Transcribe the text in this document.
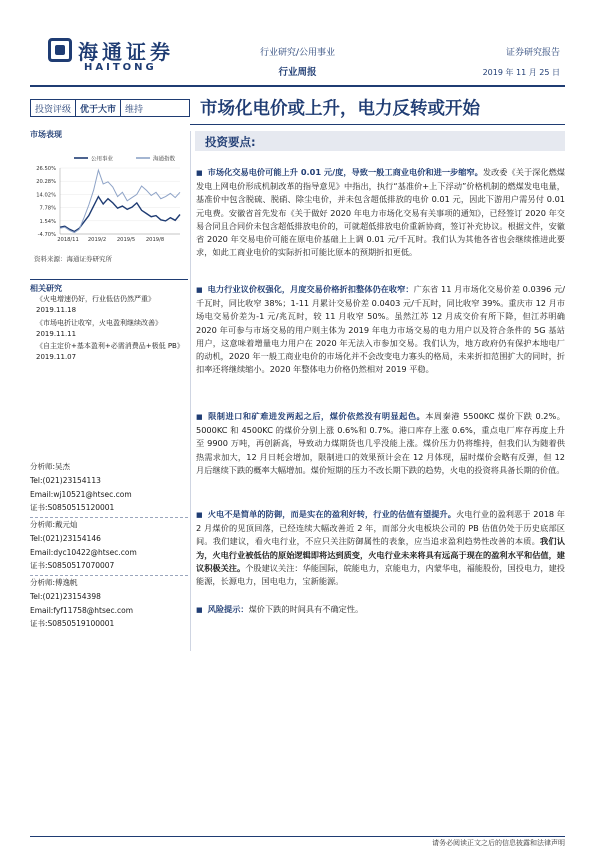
海通证券
HAITONG
行业研究/公用事业
行业周报
证券研究报告
2019 年 11 月 25 日
投资评级	优于大市	维持	市场化电价或上升，电力反转或开始
市场表现
公用事业	海通指数
26.50%
20.28%
14.02%
7.78%
1.54%
-4.70%
2018/11 2019/2 2019/5 2019/8
资料来源：海通证券研究所
相关研究
《火电增速仍好，行业低估仍然严重》
2019.11.18
《市场电折让收窄，火电盈利继续改善》
2019.11.11
《自主定价+基本盈利+必需消费品+极低 PB》
2019.11.07
分析师:吴杰
Tel:(021)23154113
Email:wj10521@htsec.com
证书:S0850515120001
分析师:戴元灿
Tel:(021)23154146
Email:dyc10422@htsec.com
证书:S0850517070007
分析师:傅逸帆
Tel:(021)23154398
Email:fyf11758@htsec.com
证书:S0850519100001
投资要点:
■ 市场化交易电价可能上升 0.01 元/度，导致一般工商业电价和进一步缩窄。发改委《关于深化燃煤发电上网电价形成机制改革的指导意见》中指出，执行“基准价+上下浮动”价格机制的燃煤发电电量，基准价中包含脱硫、脱硝、除尘电价，并未包含超低排放的电价 0.01 元，因此下游用户需另付 0.01 元电费。安徽省首先发布《关于做好 2020 年电力市场化交易有关事项的通知》，已经签订 2020 年交易合同且合同价未包含超低排放电价的，可就超低排放电价重新协商，签订补充协议。根据文件，安徽省 2020 年交易电价可能在原电价基础上上调 0.01 元/千瓦时。我们认为其他各省也会继续推进此要求，如此工商业电价的实际折扣可能比原本的预期折扣更低。
■ 电力行业议价权强化，月度交易价格折扣整体仍在收窄：广东省 11 月市场化交易价差 0.0396 元/千瓦时，同比收窄 38%；1-11 月累计交易价差 0.0403 元/千瓦时，同比收窄 39%。重庆市 12 月市场电交易价差为-1 元/兆瓦时，较 11 月收窄 50%。虽然江苏 12 月成交价有所下降，但江苏明确 2020 年可参与市场交易的用户则主体为 2019 年电力市场交易的电力用户以及符合条件的 5G 基站用户，这意味着增量电力用户在 2020 年无法入市参加交易。我们认为，地方政府仍有保护本地电厂的动机，2020 年一般工商业电价的市场化并不会改变电力寡头的格局，未来折扣范围扩大的同时，折扣率还将继续缩小。2020 年整体电力价格仍然相对 2019 平稳。
■ 限制进口和矿难进发两起之后，煤价依然没有明显起色。本周秦港 5500KC 煤价下跌 0.2%。5000KC 和 4500KC 的煤价分别上涨 0.6%和 0.7%。港口库存上涨 0.6%，重点电厂库存再度上升至 9900 万吨，再创新高，导致动力煤期货也几乎没能上涨。煤价压力仍将维持，但我们认为随着供热需求加大，12 月日耗会增加，限制进口的效果预计会在 12 月体现，届时煤价会略有反弹，但 12 月后继续下跌的概率大幅增加。煤价短期的压力不改长期下跌的趋势，火电的投资将具备长期的价值。
■ 火电不是简单的防御，而是实在的盈利好转，行业的估值有望提升。火电行业的盈利恶于 2018 年 2 月煤价的见顶回落，已经连续大幅改善近 2 年，而部分火电板块公司的 PB 估值仍处于历史底部区间。我们建议，看火电行业，不应只关注防御属性的表象，应当追求盈利趋势性改善的本质。我们认为，火电行业被低估的原始逻辑即将达到质变，火电行业未来将具有远高于现在的盈利水平和估值，建议积极关注。个股建议关注：华能国际，皖能电力，京能电力，内蒙华电，福能股份，国投电力，建投能源，长源电力，国电电力，宝新能源。
■ 风险提示：煤价下跌的时间具有不确定性。
请务必阅读正文之后的信息披露和法律声明
